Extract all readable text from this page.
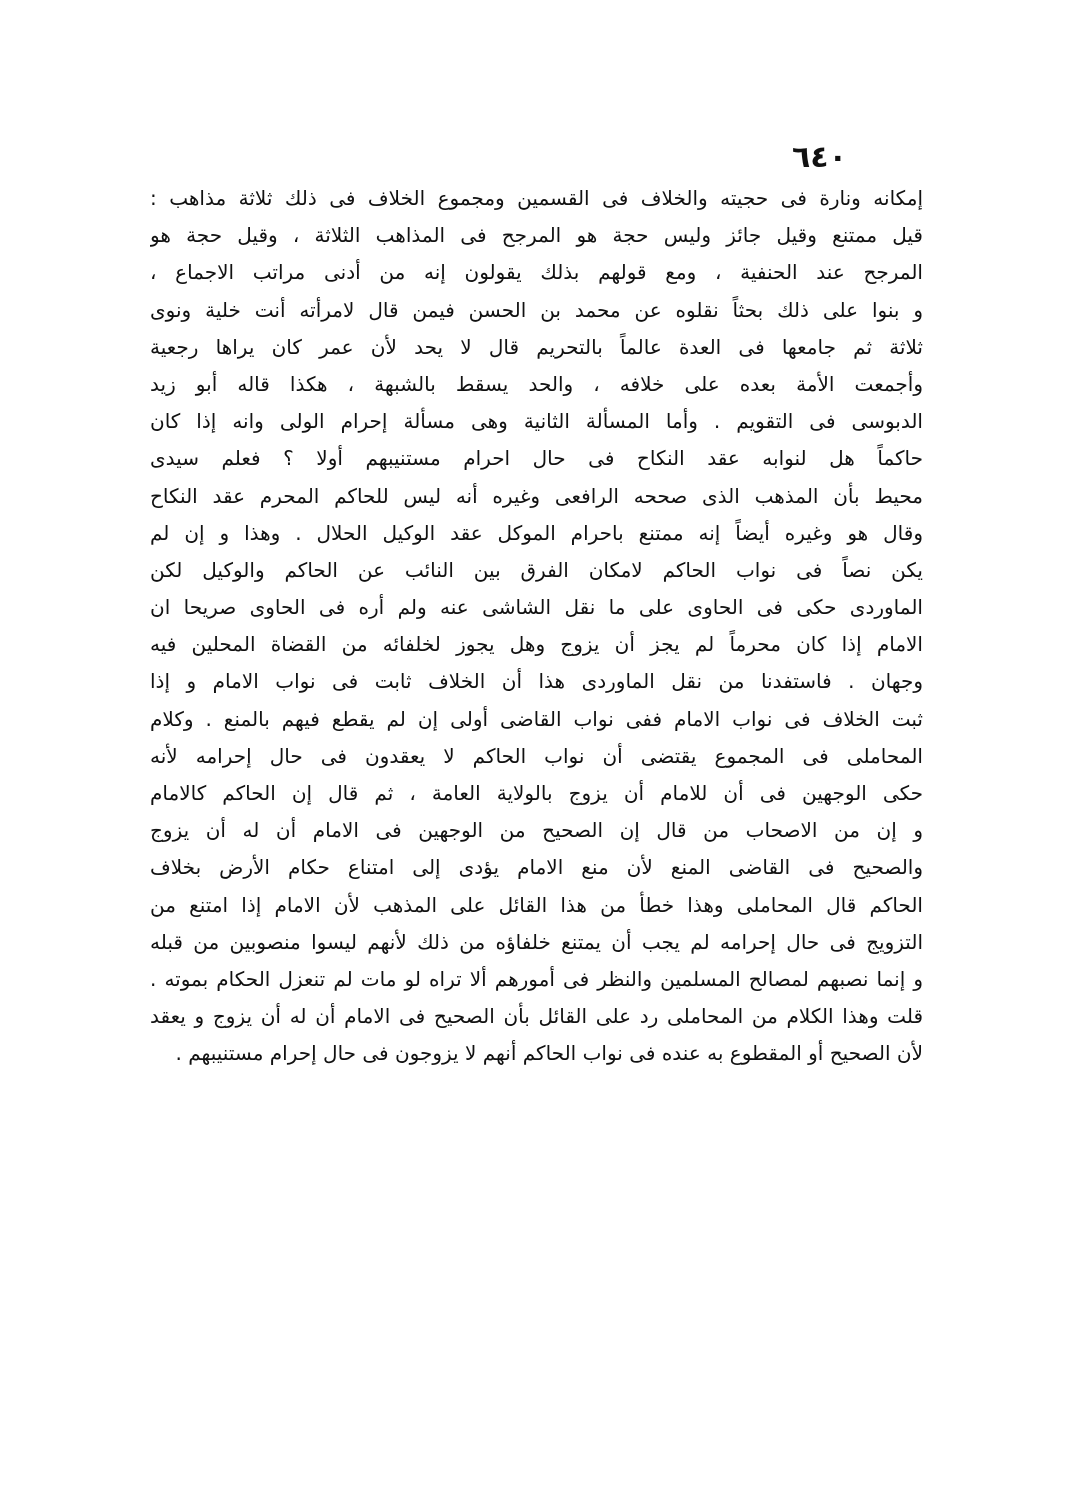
٦٤٠
إمكانه ونارة فى حجيته والخلاف فى القسمين ومجموع الخلاف فى ذلك ثلاثة مذاهب :
قيل ممتنع وقيل جائز وليس حجة هو المرجح فى المذاهب الثلاثة ، وقيل حجة هو
المرجح عند الحنفية ، ومع قولهم بذلك يقولون إنه من أدنى مراتب الاجماع ،
و بنوا على ذلك بحثاً نقلوه عن محمد بن الحسن فيمن قال لامرأته أنت خلية ونوى
ثلاثة ثم جامعها فى العدة عالماً بالتحريم قال لا يحد لأن عمر كان يراها رجعية
وأجمعت الأمة بعده على خلافه ، والحد يسقط بالشبهة ، هكذا قاله أبو زيد
الدبوسى فى التقويم . وأما المسألة الثانية وهى مسألة إحرام الولى وانه إذا كان
حاكماً هل لنوابه عقد النكاح فى حال احرام مستنيبهم أولا ؟ فعلم سيدى
محيط بأن المذهب الذى صححه الرافعى وغيره أنه ليس للحاكم المحرم عقد النكاح
وقال هو وغيره أيضاً إنه ممتنع باحرام الموكل عقد الوكيل الحلال . وهذا و إن لم
يكن نصاً فى نواب الحاكم لامكان الفرق بين النائب عن الحاكم والوكيل لكن
الماوردى حكى فى الحاوى على ما نقل الشاشى عنه ولم أره فى الحاوى صريحا ان
الامام إذا كان محرماً لم يجز أن يزوج وهل يجوز لخلفائه من القضاة المحلين فيه
وجهان . فاستفدنا من نقل الماوردى هذا أن الخلاف ثابت فى نواب الامام و إذا
ثبت الخلاف فى نواب الامام ففى نواب القاضى أولى إن لم يقطع فيهم بالمنع . وكلام
المحاملى فى المجموع يقتضى أن نواب الحاكم لا يعقدون فى حال إحرامه لأنه
حكى الوجهين فى أن للامام أن يزوج بالولاية العامة ، ثم قال إن الحاكم كالامام
و إن من الاصحاب من قال إن الصحيح من الوجهين فى الامام أن له أن يزوج
والصحيح فى القاضى المنع لأن منع الامام يؤدى إلى امتناع حكام الأرض بخلاف
الحاكم قال المحاملى وهذا خطأ من هذا القائل على المذهب لأن الامام إذا امتنع من
التزويج فى حال إحرامه لم يجب أن يمتنع خلفاؤه من ذلك لأنهم ليسوا منصوبين من قبله
و إنما نصبهم لمصالح المسلمين والنظر فى أمورهم ألا تراه لو مات لم تنعزل الحكام بموته .
قلت وهذا الكلام من المحاملى رد على القائل بأن الصحيح فى الامام أن له أن يزوج و يعقد
لأن الصحيح أو المقطوع به عنده فى نواب الحاكم أنهم لا يزوجون فى حال إحرام مستنيبهم .
